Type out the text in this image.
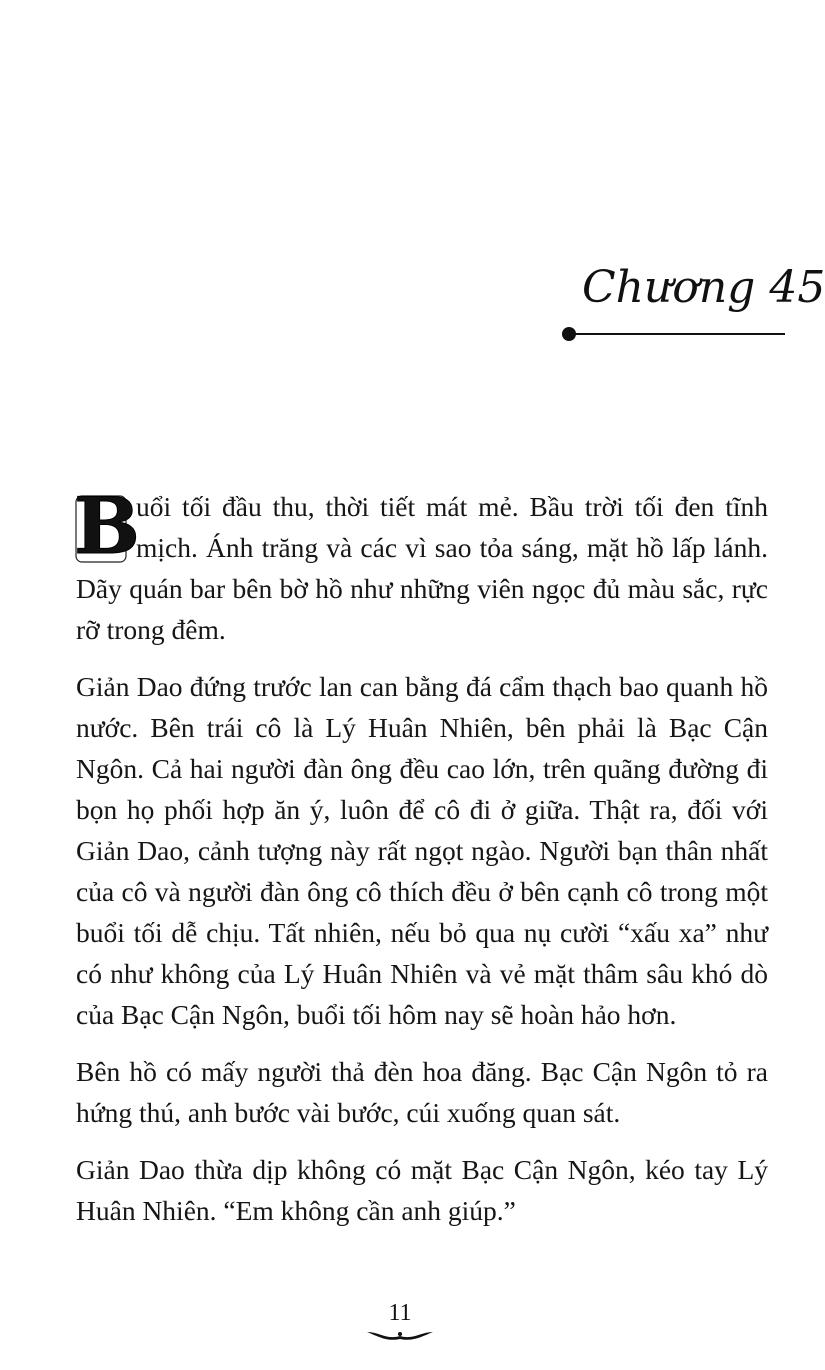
Chương 45

B
uổi tối đầu thu, thời tiết mát mẻ. Bầu trời tối đen tĩnh mịch. Ánh trăng và các vì sao tỏa sáng, mặt hồ lấp lánh. Dãy quán bar bên bờ hồ như những viên ngọc đủ màu sắc, rực rỡ trong đêm.

Giản Dao đứng trước lan can bằng đá cẩm thạch bao quanh hồ nước. Bên trái cô là Lý Huân Nhiên, bên phải là Bạc Cận Ngôn. Cả hai người đàn ông đều cao lớn, trên quãng đường đi bọn họ phối hợp ăn ý, luôn để cô đi ở giữa. Thật ra, đối với Giản Dao, cảnh tượng này rất ngọt ngào. Người bạn thân nhất của cô và người đàn ông cô thích đều ở bên cạnh cô trong một buổi tối dễ chịu. Tất nhiên, nếu bỏ qua nụ cười “xấu xa” như có như không của Lý Huân Nhiên và vẻ mặt thâm sâu khó dò của Bạc Cận Ngôn, buổi tối hôm nay sẽ hoàn hảo hơn.

Bên hồ có mấy người thả đèn hoa đăng. Bạc Cận Ngôn tỏ ra hứng thú, anh bước vài bước, cúi xuống quan sát.

Giản Dao thừa dịp không có mặt Bạc Cận Ngôn, kéo tay Lý Huân Nhiên. “Em không cần anh giúp.”

11
